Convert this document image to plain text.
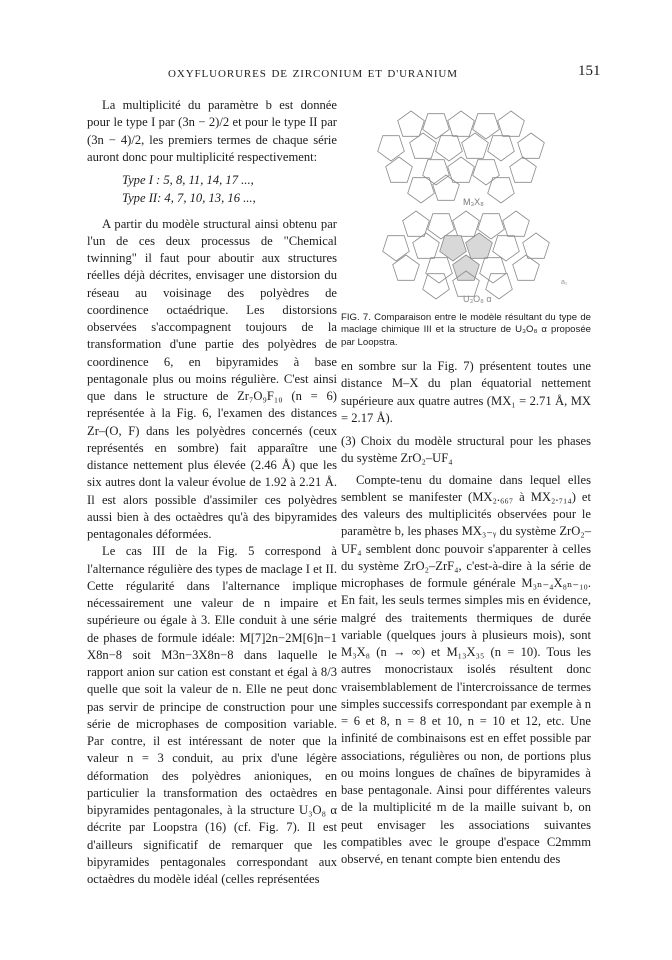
OXYFLUORURES DE ZIRCONIUM ET D'URANIUM	151

La multiplicité du paramètre b est donnée pour le type I par (3n − 2)/2 et pour le type II par (3n − 4)/2, les premiers termes de chaque série auront donc pour multiplicité respectivement:

Type I : 5, 8, 11, 14, 17 ...,
Type II: 4, 7, 10, 13, 16 ...,

A partir du modèle structural ainsi obtenu par l'un de ces deux processus de "Chemical twinning" il faut pour aboutir aux structures réelles déjà décrites, envisager une distorsion du réseau au voisinage des polyèdres de coordinence octaédrique. Les distorsions observées s'accompagnent toujours de la transformation d'une partie des polyèdres de coordinence 6, en bipyramides à base pentagonale plus ou moins régulière. C'est ainsi que dans le structure de Zr₇O₉F₁₀ (n = 6) représentée à la Fig. 6, l'examen des distances Zr–(O, F) dans les polyèdres concernés (ceux représentés en sombre) fait apparaître une distance nettement plus élevée (2.46 Å) que les six autres dont la valeur évolue de 1.92 à 2.21 Å. Il est alors possible d'assimiler ces polyèdres aussi bien à des octaèdres qu'à des bipyramides pentagonales déformées.

Le cas III de la Fig. 5 correspond à l'alternance régulière des types de maclage I et II. Cette régularité dans l'alternance implique nécessairement une valeur de n impaire et supérieure ou égale à 3. Elle conduit à une série de phases de formule idéale: M[7]2n−2M[6]n−1 X8n−8 soit M3n−3X8n−8 dans laquelle le rapport anion sur cation est constant et égal à 8/3 quelle que soit la valeur de n. Elle ne peut donc pas servir de principe de construction pour une série de microphases de composition variable. Par contre, il est intéressant de noter que la valeur n = 3 conduit, au prix d'une légère déformation des polyèdres anioniques, en particulier la transformation des octaèdres en bipyramides pentagonales, à la structure U₃O₈ α décrite par Loopstra (16) (cf. Fig. 7). Il est d'ailleurs significatif de remarquer que les bipyramides pentagonales correspondant aux octaèdres du modèle idéal (celles représentées

M₃X₈
U₃O₈ α
a₁
FIG. 7. Comparaison entre le modèle résultant du type de maclage chimique III et la structure de U₃O₈ α proposée par Loopstra.

en sombre sur la Fig. 7) présentent toutes une distance M–X du plan équatorial nettement supérieure aux quatre autres (MX₁ = 2.71 Å, MX = 2.17 Å).

(3) Choix du modèle structural pour les phases du système ZrO₂–UF₄

Compte-tenu du domaine dans lequel elles semblent se manifester (MX₂.₆₆₇ à MX₂.₇₁₄) et des valeurs des multiplicités observées pour le paramètre b, les phases MX₃₋ᵧ du système ZrO₂–UF₄ semblent donc pouvoir s'apparenter à celles du système ZrO₂–ZrF₄, c'est-à-dire à la série de microphases de formule générale M₃ₙ₋₄X₈ₙ₋₁₀. En fait, les seuls termes simples mis en évidence, malgré des traitements thermiques de durée variable (quelques jours à plusieurs mois), sont M₃X₈ (n → ∞) et M₁₃X₃₅ (n = 10). Tous les autres monocristaux isolés résultent donc vraisemblablement de l'intercroissance de termes simples successifs correspondant par exemple à n = 6 et 8, n = 8 et 10, n = 10 et 12, etc. Une infinité de combinaisons est en effet possible par associations, régulières ou non, de portions plus ou moins longues de chaînes de bipyramides à base pentagonale. Ainsi pour différentes valeurs de la multiplicité m de la maille suivant b, on peut envisager les associations suivantes compatibles avec le groupe d'espace C2mmm observé, en tenant compte bien entendu des
